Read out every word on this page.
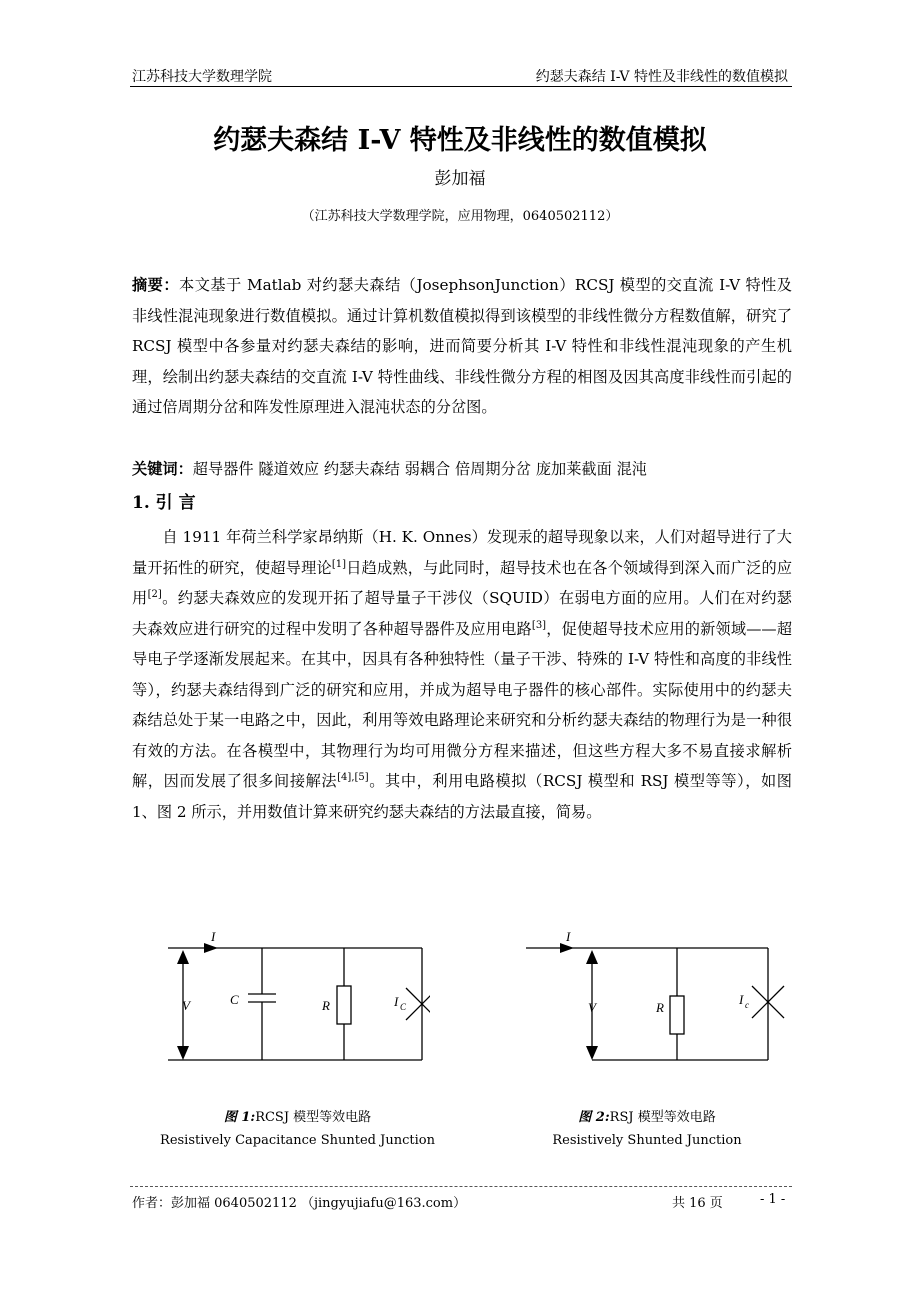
江苏科技大学数理学院	约瑟夫森结 I-V 特性及非线性的数值模拟
约瑟夫森结 I-V 特性及非线性的数值模拟
彭加福
（江苏科技大学数理学院，应用物理，0640502112）
摘要：本文基于 Matlab 对约瑟夫森结（JosephsonJunction）RCSJ 模型的交直流 I-V 特性及非线性混沌现象进行数值模拟。通过计算机数值模拟得到该模型的非线性微分方程数值解，研究了 RCSJ 模型中各参量对约瑟夫森结的影响，进而简要分析其 I-V 特性和非线性混沌现象的产生机理，绘制出约瑟夫森结的交直流 I-V 特性曲线、非线性微分方程的相图及因其高度非线性而引起的通过倍周期分岔和阵发性原理进入混沌状态的分岔图。
关键词：超导器件 隧道效应 约瑟夫森结 弱耦合 倍周期分岔 庞加莱截面 混沌
1. 引 言
自 1911 年荷兰科学家昂纳斯（H. K. Onnes）发现汞的超导现象以来，人们对超导进行了大量开拓性的研究，使超导理论[1]日趋成熟，与此同时，超导技术也在各个领域得到深入而广泛的应用[2]。约瑟夫森效应的发现开拓了超导量子干涉仪（SQUID）在弱电方面的应用。人们在对约瑟夫森效应进行研究的过程中发明了各种超导器件及应用电路[3]，促使超导技术应用的新领域——超导电子学逐渐发展起来。在其中，因具有各种独特性（量子干涉、特殊的 I-V 特性和高度的非线性等），约瑟夫森结得到广泛的研究和应用，并成为超导电子器件的核心部件。实际使用中的约瑟夫森结总处于某一电路之中，因此，利用等效电路理论来研究和分析约瑟夫森结的物理行为是一种很有效的方法。在各模型中，其物理行为均可用微分方程来描述，但这些方程大多不易直接求解析解，因而发展了很多间接解法[4],[5]。其中，利用电路模拟（RCSJ 模型和 RSJ 模型等等），如图 1、图 2 所示，并用数值计算来研究约瑟夫森结的方法最直接，简易。
I
V	C	R	I C
I
V	R
I c
图 1:RCSJ 模型等效电路
Resistively Capacitance Shunted Junction
图 2:RSJ 模型等效电路
Resistively Shunted Junction
作者：彭加福 0640502112 （jingyujiafu@163.com）	共 16 页	- 1 -
